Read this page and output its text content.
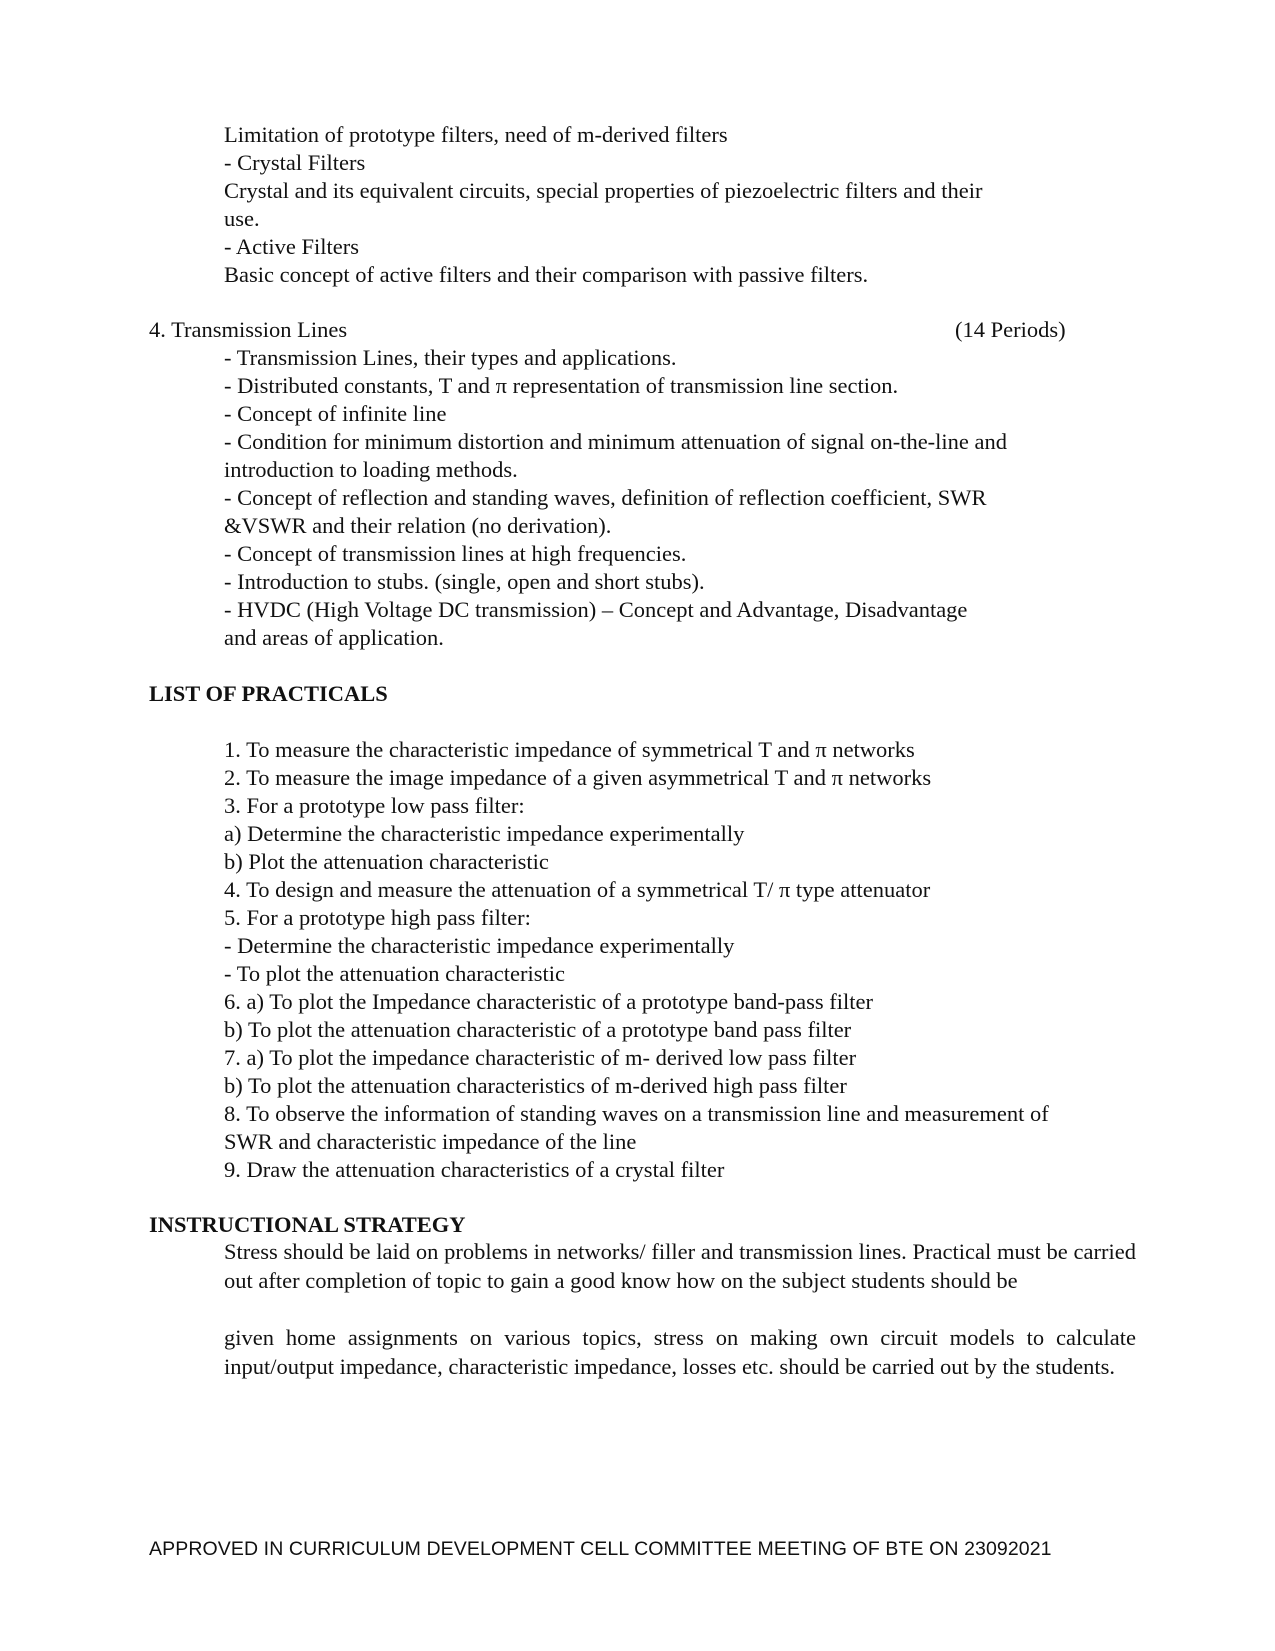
Limitation of prototype filters, need of m-derived filters
- Crystal Filters
Crystal and its equivalent circuits, special properties of piezoelectric filters and their
use.
- Active Filters
Basic concept of active filters and their comparison with passive filters.
4. Transmission Lines	(14 Periods)
- Transmission Lines, their types and applications.
- Distributed constants, T and π representation of transmission line section.
- Concept of infinite line
- Condition for minimum distortion and minimum attenuation of signal on-the-line and
introduction to loading methods.
- Concept of reflection and standing waves, definition of reflection coefficient, SWR
&VSWR and their relation (no derivation).
- Concept of transmission lines at high frequencies.
- Introduction to stubs. (single, open and short stubs).
- HVDC (High Voltage DC transmission) – Concept and Advantage, Disadvantage
and areas of application.
LIST OF PRACTICALS
1. To measure the characteristic impedance of symmetrical T and π networks
2. To measure the image impedance of a given asymmetrical T and π networks
3. For a prototype low pass filter:
a) Determine the characteristic impedance experimentally
b) Plot the attenuation characteristic
4. To design and measure the attenuation of a symmetrical T/ π type attenuator
5. For a prototype high pass filter:
- Determine the characteristic impedance experimentally
- To plot the attenuation characteristic
6. a) To plot the Impedance characteristic of a prototype band-pass filter
b) To plot the attenuation characteristic of a prototype band pass filter
7. a) To plot the impedance characteristic of m- derived low pass filter
b) To plot the attenuation characteristics of m-derived high pass filter
8. To observe the information of standing waves on a transmission line and measurement of
SWR and characteristic impedance of the line
9. Draw the attenuation characteristics of a crystal filter
INSTRUCTIONAL STRATEGY
Stress should be laid on problems in networks/ filler and transmission lines. Practical must be carried out after completion of topic to gain a good know how on the subject students should be
given home assignments on various topics, stress on making own circuit models to calculate input/output impedance, characteristic impedance, losses etc. should be carried out by the students.
APPROVED IN CURRICULUM DEVELOPMENT CELL COMMITTEE MEETING OF BTE ON 23092021
